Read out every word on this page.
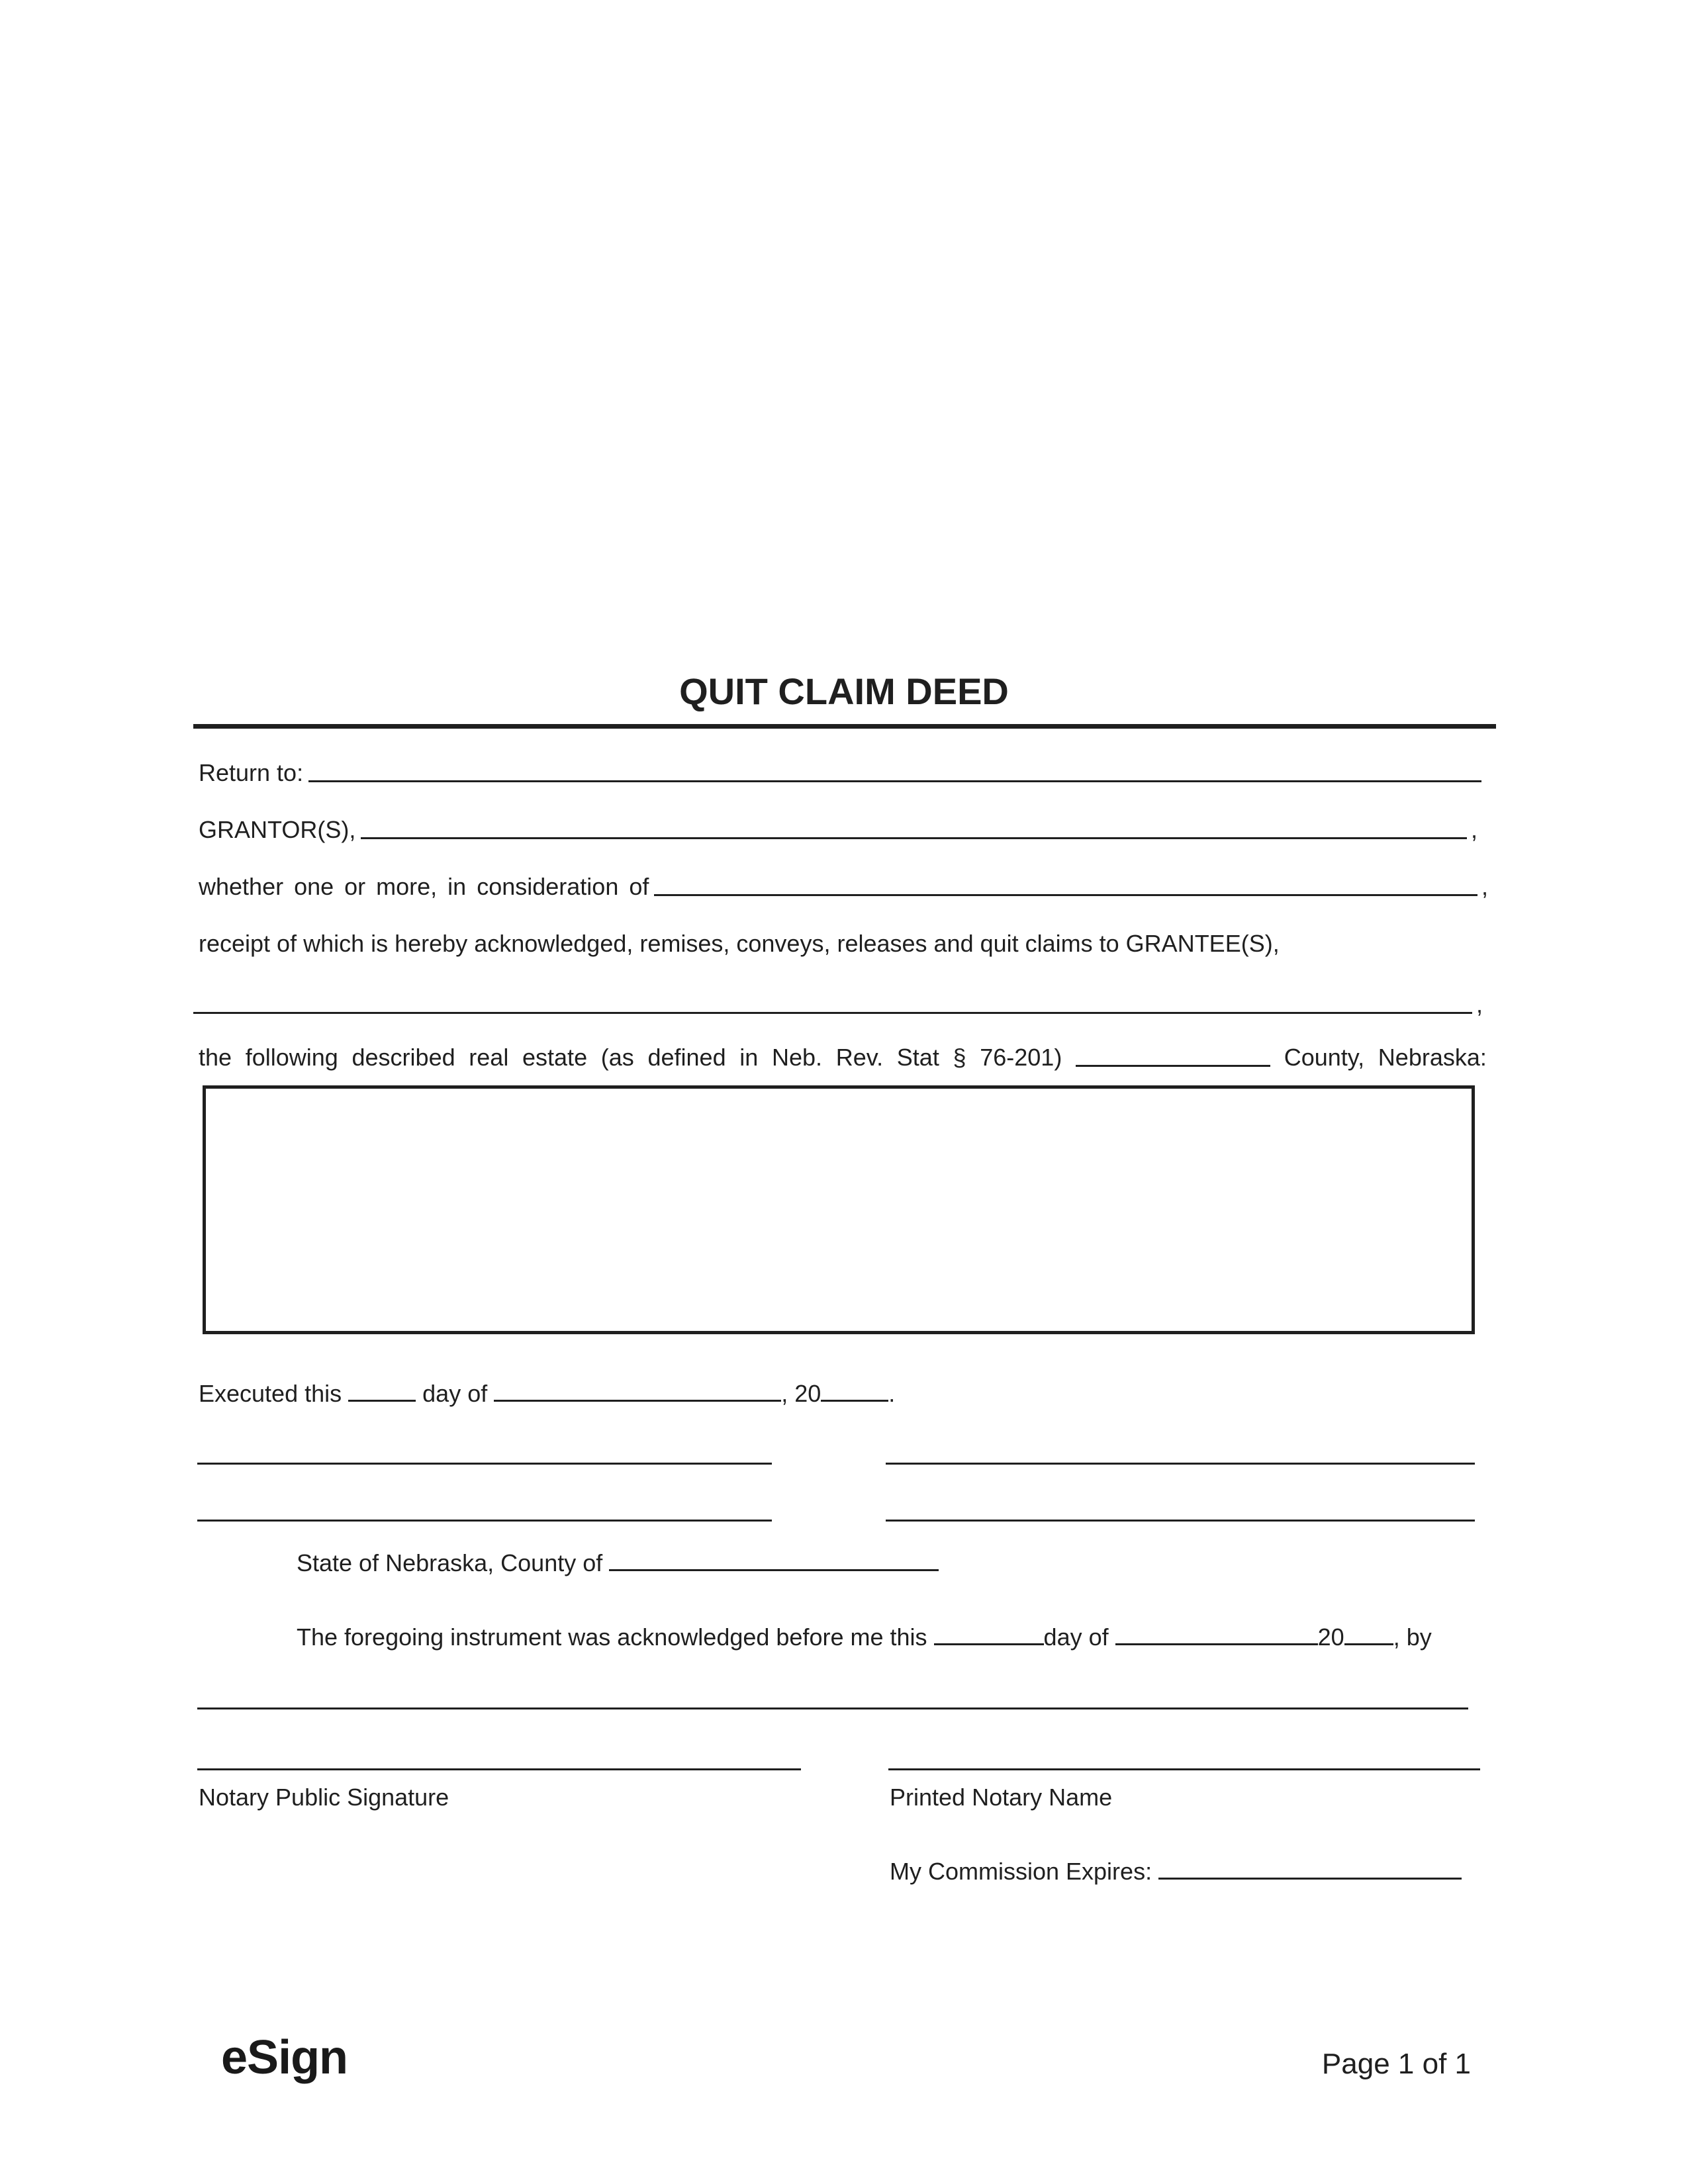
QUIT CLAIM DEED
Return to:
GRANTOR(S),	,
whether one or more, in consideration of	,
receipt of which is hereby acknowledged, remises, conveys, releases and quit claims to GRANTEE(S),
,
the following described real estate (as defined in Neb. Rev. Stat § 76-201)	County, Nebraska:
Executed this	day of	, 20	.
State of Nebraska, County of
The foregoing instrument was acknowledged before me this	day of	20 , by
Notary Public Signature	Printed Notary Name
My Commission Expires:
eSign	Page 1 of 1
